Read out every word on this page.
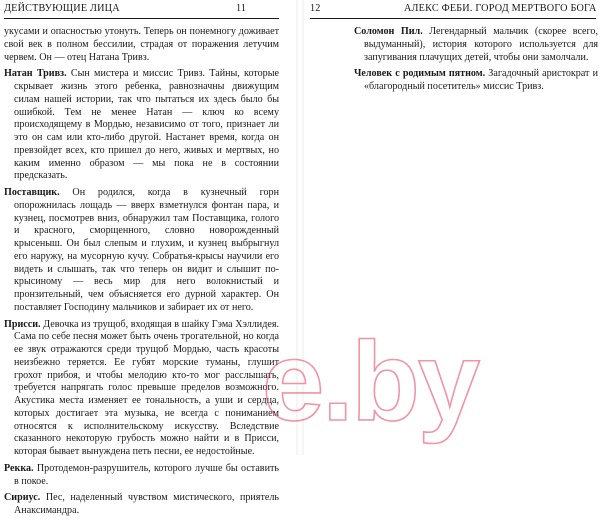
ДЕЙСТВУЮЩИЕ ЛИЦА	11

укусами и опасностью утонуть. Теперь он понемногу доживает свой век в полном бессилии, страдая от поражения летучим червем. Он — отец Натана Тривз.

Натан Тривз. Сын мистера и миссис Тривз. Тайны, которые скрывает жизнь этого ребенка, равнозначны движущим силам нашей истории, так что пытаться их здесь было бы ошибкой. Тем не менее Натан — ключ ко всему происходящему в Мордью, независимо от того, признает ли это он сам или кто-либо другой. Настанет время, когда он превзойдет всех, кто пришел до него, живых и мертвых, но каким именно образом — мы пока не в состоянии предсказать.

Поставщик. Он родился, когда в кузнечный горн опорожнилась лощадь — вверх взметнулся фонтан пара, и кузнец, посмотрев вниз, обнаружил там Поставщика, голого и красного, сморщенного, словно новорожденный крысеныш. Он был слепым и глухим, и кузнец выбрыгнул его наружу, на мусорную кучу. Собратья-крысы научили его видеть и слышать, так что теперь он видит и слышит по-крысиному — весь мир для него волокнистый и пронзительный, чем объясняется его дурной характер. Он поставляет Господину мальчиков и забирает их от него.

Присси. Девочка из трущоб, входящая в шайку Гэма Хэллидея. Сама по себе песня может быть очень трогательной, но когда ее звук отражаются среди трущоб Мордью, часть красоты неизбежно теряется. Ее губят морские туманы, глушит грохот прибоя, и чтобы мелодию кто-то мог расслышать, требуется напрягать голос превыше пределов возможного. Акустика места изменяет ее тональность, а уши и сердца, которых достигает эта музыка, не всегда с пониманием относятся к исполнительскому искусству. Вследствие сказанного некоторую грубость можно найти и в Присси, которая бывает вынуждена петь песни, ее недостойные.

Рекка. Протодемон-разрушитель, которого лучше бы оставить в покое.

Сириус. Пес, наделенный чувством мистического, приятель Анаксимандра.

12	АЛЕКС ФЕБИ. ГОРОД МЕРТВОГО БОГА

Соломон Пил. Легендарный мальчик (скорее всего, выдуманный), история которого используется для запугивания плачущих детей, чтобы они замолчали.

Человек с родимым пятном. Загадочный аристократ и «благородный посетитель» миссис Тривз.

e.by
